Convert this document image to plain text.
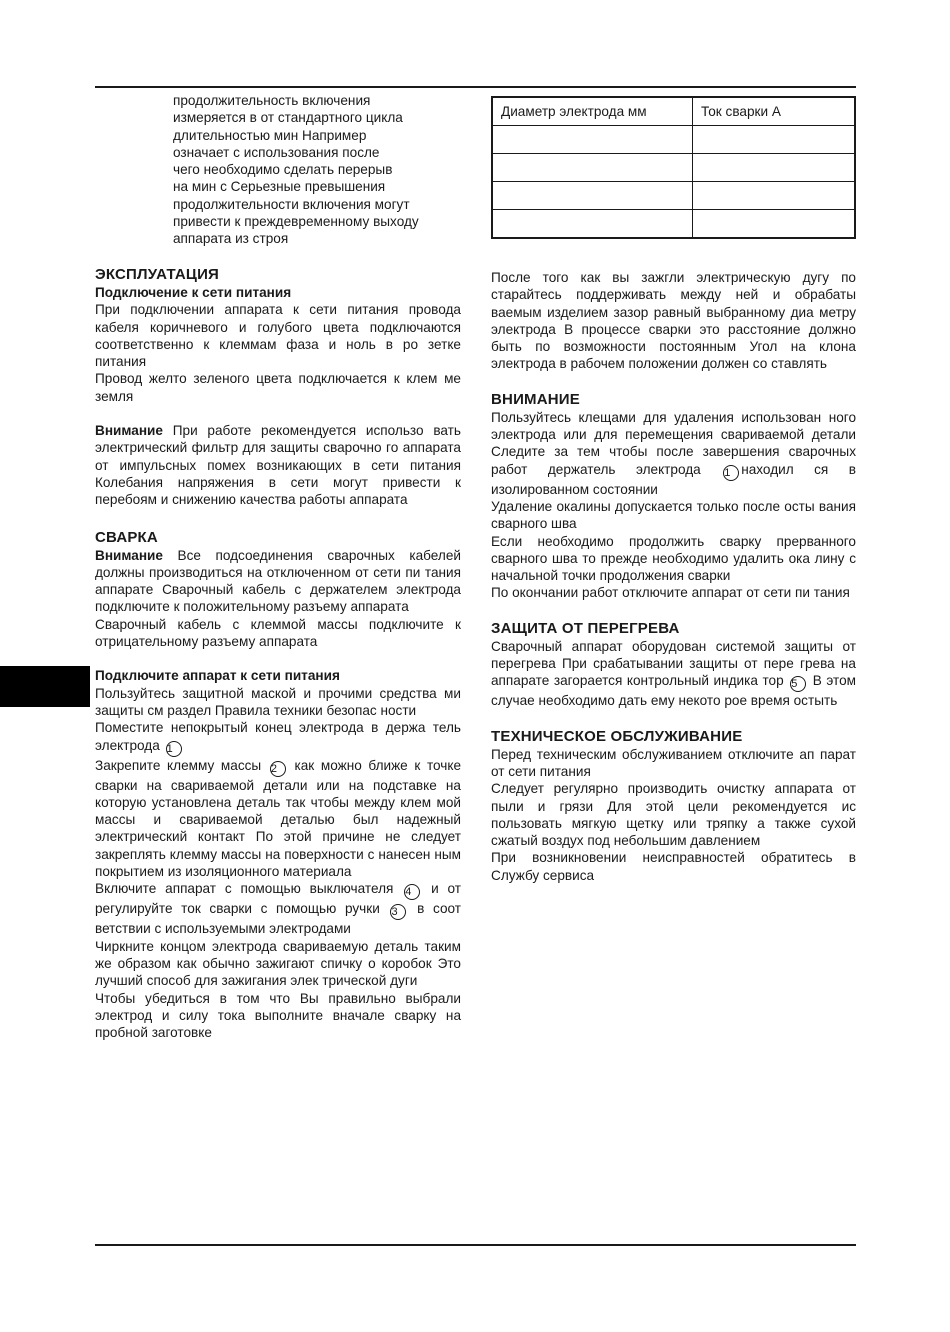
продолжительность включения

измеряется в от стандартного цикла

длительностью мин Например

означает с использования после

чего необходимо сделать перерыв

на мин с Серьезные превышения

продолжительности включения могут

привести к преждевременному выходу

аппарата из строя

Диаметр электрода мм	Ток сварки А

ЭКСПЛУАТАЦИЯ
Подключение к сети питания

При подключении аппарата к сети питания провода кабеля коричневого и голубого цвета подключаются соответственно к клеммам фаза и ноль в ро зетке питания

Провод желто зеленого цвета подключается к клем ме земля

Внимание При работе рекомендуется использо вать электрический фильтр для защиты сварочно го аппарата от импульсных помех возникающих в сети питания Колебания напряжения в сети могут привести к перебоям и снижению качества работы аппарата

СВАРКА

Внимание Все подсоединения сварочных кабелей должны производиться на отключенном от сети пи тания аппарате Сварочный кабель с держателем электрода подключите к положительному разъему аппарата

Сварочный кабель с клеммой массы подключите к отрицательному разъему аппарата

Подключите аппарат к сети питания

Пользуйтесь защитной маской и прочими средства ми защиты см раздел Правила техники безопас ности

Поместите непокрытый конец электрода в держа тель электрода 1

Закрепите клемму массы 2 как можно ближе к точке сварки на свариваемой детали или на подставке на которую установлена деталь так чтобы между клем мой массы и свариваемой деталью был надежный электрический контакт По этой причине не следует закреплять клемму массы на поверхности с нанесен ным покрытием из изоляционного материала

Включите аппарат с помощью выключателя 4 и от регулируйте ток сварки с помощью ручки 3 в соот ветствии с используемыми электродами

Чиркните концом электрода свариваемую деталь таким же образом как обычно зажигают спичку о коробок Это лучший способ для зажигания элек трической дуги

Чтобы убедиться в том что Вы правильно выбрали электрод и силу тока выполните вначале сварку на пробной заготовке

После того как вы зажгли электрическую дугу по старайтесь поддерживать между ней и обрабаты ваемым изделием зазор равный выбранному диа метру электрода В процессе сварки это расстояние должно быть по возможности постоянным Угол на клона электрода в рабочем положении должен со ставлять

ВНИМАНИЕ

Пользуйтесь клещами для удаления использован ного электрода или для перемещения свариваемой детали Следите за тем чтобы после завершения сварочных работ держатель электрода 1 находил ся в изолированном состоянии

Удаление окалины допускается только после осты вания сварного шва

Если необходимо продолжить сварку прерванного сварного шва то прежде необходимо удалить ока лину с начальной точки продолжения сварки

По окончании работ отключите аппарат от сети пи тания

ЗАЩИТА ОТ ПЕРЕГРЕВА

Сварочный аппарат оборудован системой защиты от перегрева При срабатывании защиты от пере грева на аппарате загорается контрольный индика тор 5 В этом случае необходимо дать ему некото рое время остыть

ТЕХНИЧЕСКОЕ ОБСЛУЖИВАНИЕ

Перед техническим обслуживанием отключите ап парат от сети питания

Следует регулярно производить очистку аппарата от пыли и грязи Для этой цели рекомендуется ис пользовать мягкую щетку или тряпку а также сухой сжатый воздух под небольшим давлением

При возникновении неисправностей обратитесь в Службу сервиса
